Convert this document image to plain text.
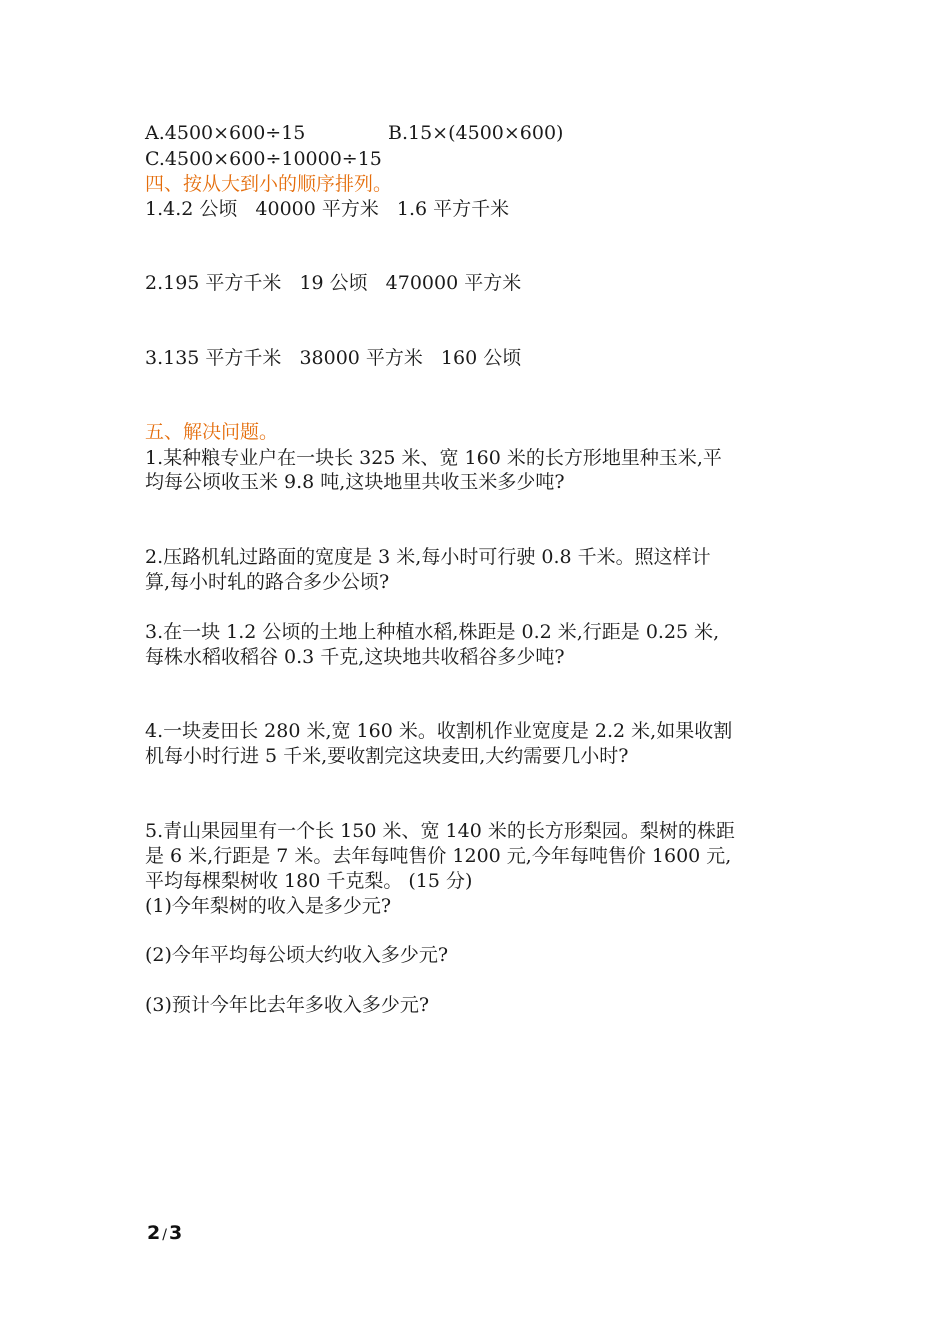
A.4500×600÷15	B.15×(4500×600)
C.4500×600÷10000÷15
四、按从大到小的顺序排列。
1.4.2 公顷 40000 平方米 1.6 平方千米
2.195 平方千米 19 公顷 470000 平方米
3.135 平方千米 38000 平方米 160 公顷
五、解决问题。
1.某种粮专业户在一块长 325 米、宽 160 米的长方形地里种玉米,平
均每公顷收玉米 9.8 吨,这块地里共收玉米多少吨?
2.压路机轧过路面的宽度是 3 米,每小时可行驶 0.8 千米。照这样计
算,每小时轧的路合多少公顷?
3.在一块 1.2 公顷的土地上种植水稻,株距是 0.2 米,行距是 0.25 米,
每株水稻收稻谷 0.3 千克,这块地共收稻谷多少吨?
4.一块麦田长 280 米,宽 160 米。收割机作业宽度是 2.2 米,如果收割
机每小时行进 5 千米,要收割完这块麦田,大约需要几小时?
5.青山果园里有一个长 150 米、宽 140 米的长方形梨园。梨树的株距
是 6 米,行距是 7 米。去年每吨售价 1200 元,今年每吨售价 1600 元,
平均每棵梨树收 180 千克梨。 (15 分)
(1)今年梨树的收入是多少元?
(2)今年平均每公顷大约收入多少元?
(3)预计今年比去年多收入多少元?
2 / 3
